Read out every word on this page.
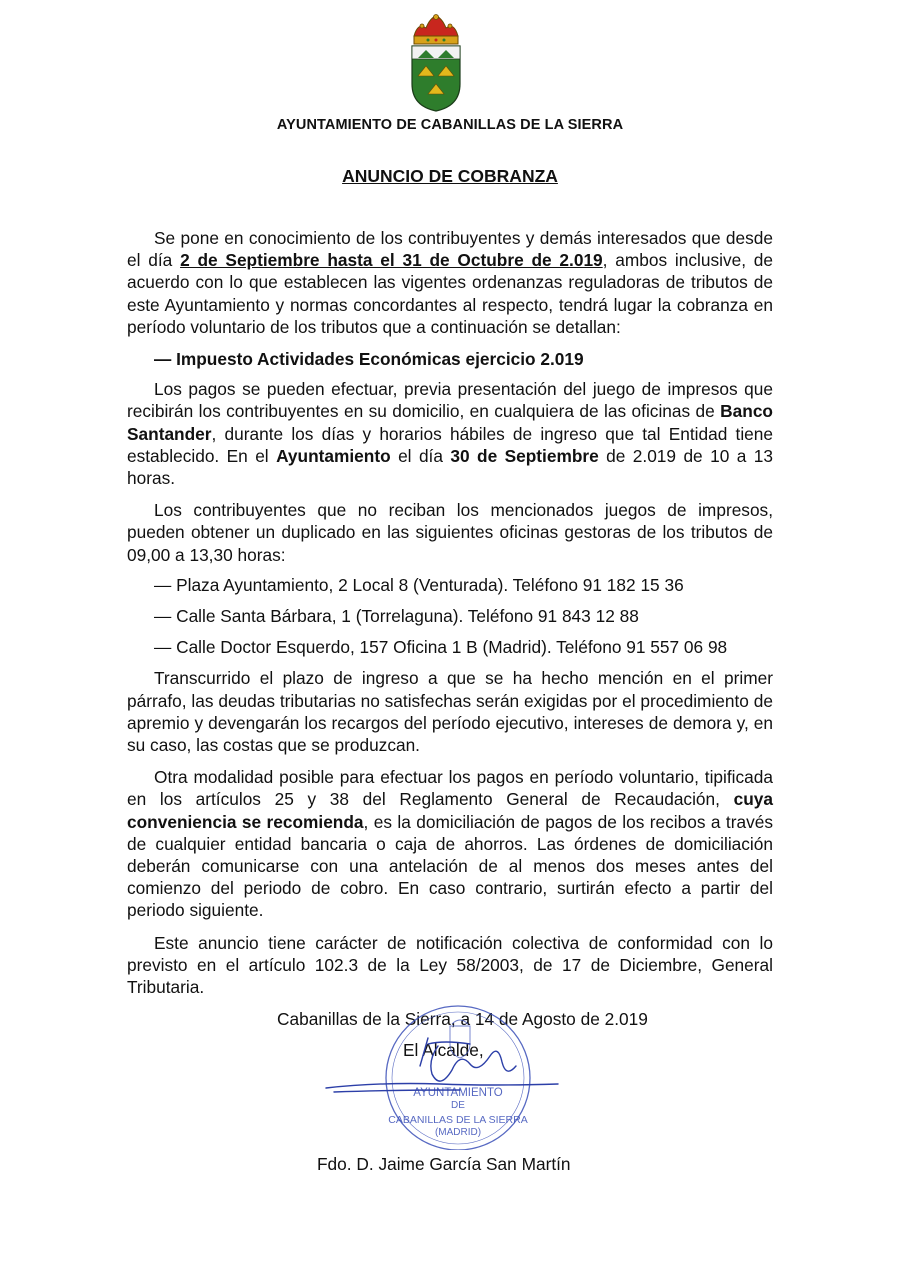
AYUNTAMIENTO DE CABANILLAS DE LA SIERRA
ANUNCIO DE COBRANZA

Se pone en conocimiento de los contribuyentes y demás interesados que desde el día 2 de Septiembre hasta el 31 de Octubre de 2.019, ambos inclusive, de acuerdo con lo que establecen las vigentes ordenanzas reguladoras de tributos de este Ayuntamiento y normas concordantes al respecto, tendrá lugar la cobranza en período voluntario de los tributos que a continuación se detallan:

— Impuesto Actividades Económicas ejercicio 2.019

Los pagos se pueden efectuar, previa presentación del juego de impresos que recibirán los contribuyentes en su domicilio, en cualquiera de las oficinas de Banco Santander, durante los días y horarios hábiles de ingreso que tal Entidad tiene establecido. En el Ayuntamiento el día 30 de Septiembre de 2.019 de 10 a 13 horas.

Los contribuyentes que no reciban los mencionados juegos de impresos, pueden obtener un duplicado en las siguientes oficinas gestoras de los tributos de 09,00 a 13,30 horas:

— Plaza Ayuntamiento, 2 Local 8 (Venturada). Teléfono 91 182 15 36

— Calle Santa Bárbara, 1 (Torrelaguna). Teléfono 91 843 12 88

— Calle Doctor Esquerdo, 157 Oficina 1 B (Madrid). Teléfono 91 557 06 98

Transcurrido el plazo de ingreso a que se ha hecho mención en el primer párrafo, las deudas tributarias no satisfechas serán exigidas por el procedimiento de apremio y devengarán los recargos del período ejecutivo, intereses de demora y, en su caso, las costas que se produzcan.

Otra modalidad posible para efectuar los pagos en período voluntario, tipificada en los artículos 25 y 38 del Reglamento General de Recaudación, cuya conveniencia se recomienda, es la domiciliación de pagos de los recibos a través de cualquier entidad bancaria o caja de ahorros. Las órdenes de domiciliación deberán comunicarse con una antelación de al menos dos meses antes del comienzo del periodo de cobro. En caso contrario, surtirán efecto a partir del periodo siguiente.

Este anuncio tiene carácter de notificación colectiva de conformidad con lo previsto en el artículo 102.3 de la Ley 58/2003, de 17 de Diciembre, General Tributaria.

Cabanillas de la Sierra, a 14 de Agosto de 2.019

El Alcalde,

Fdo. D. Jaime García San Martín

AYUNTAMIENTO
DE
CABANILLAS DE LA SIERRA
(MADRID)
